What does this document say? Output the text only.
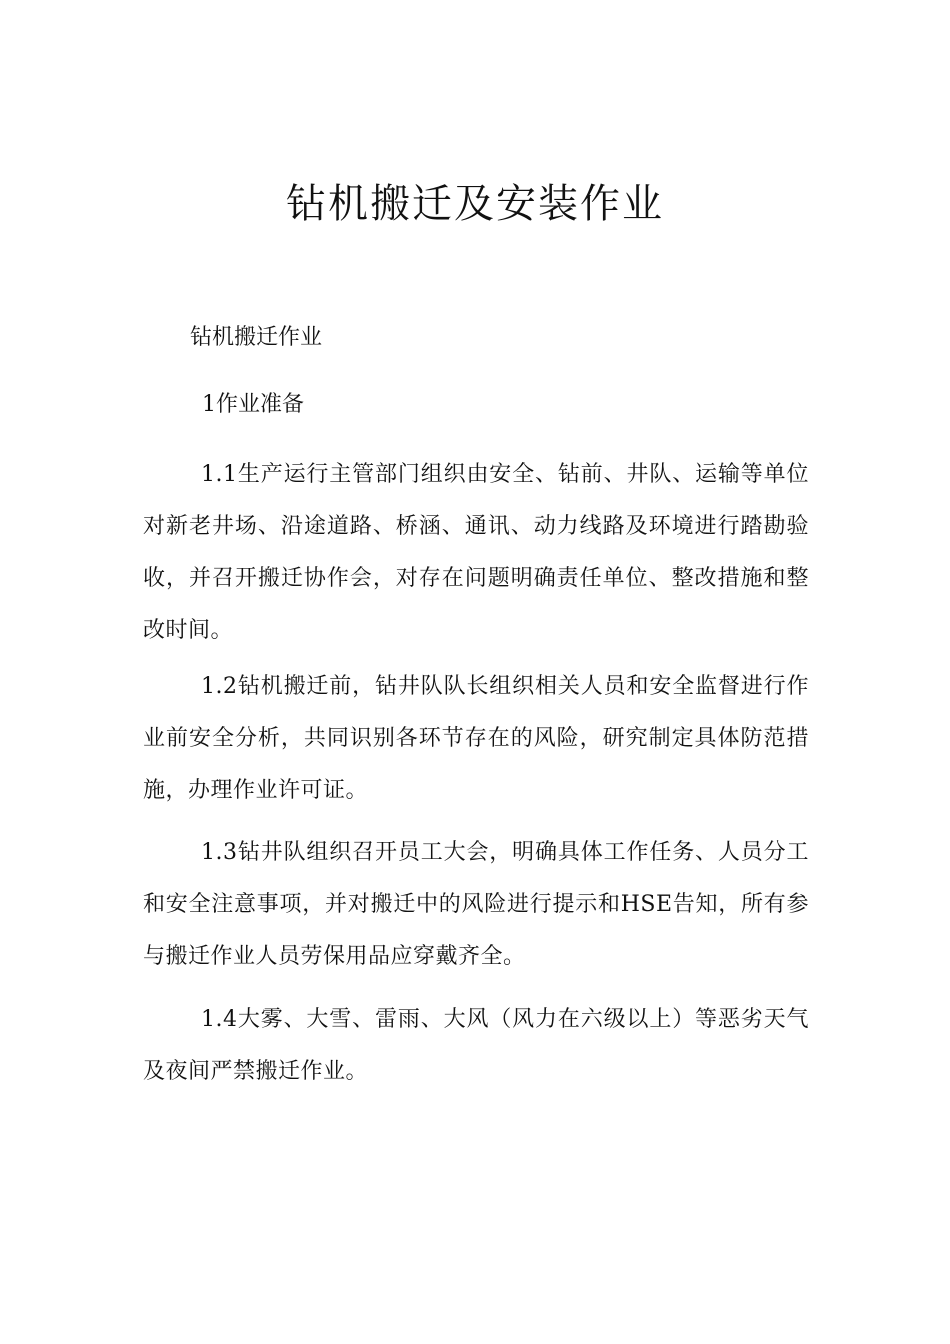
钻机搬迁及安装作业

钻机搬迁作业

1作业准备

1.1生产运行主管部门组织由安全、钻前、井队、运输等单位对新老井场、沿途道路、桥涵、通讯、动力线路及环境进行踏勘验收，并召开搬迁协作会，对存在问题明确责任单位、整改措施和整改时间。

1.2钻机搬迁前，钻井队队长组织相关人员和安全监督进行作业前安全分析，共同识别各环节存在的风险，研究制定具体防范措施，办理作业许可证。

1.3钻井队组织召开员工大会，明确具体工作任务、人员分工和安全注意事项，并对搬迁中的风险进行提示和HSE告知，所有参与搬迁作业人员劳保用品应穿戴齐全。

1.4大雾、大雪、雷雨、大风（风力在六级以上）等恶劣天气及夜间严禁搬迁作业。
